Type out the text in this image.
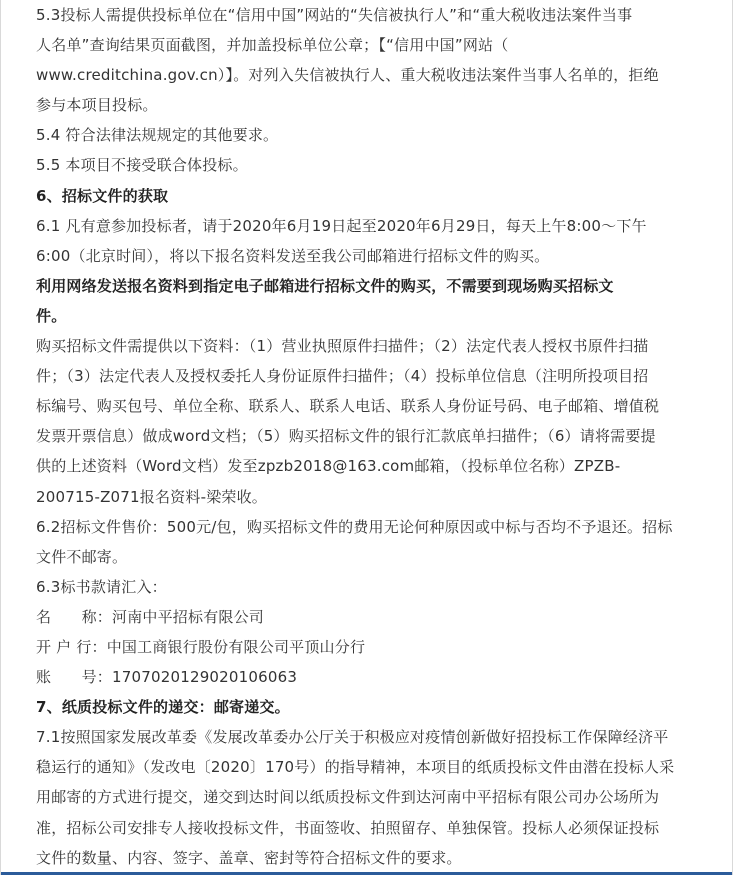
5.3投标人需提供投标单位在“信用中国”网站的“失信被执行人”和“重大税收违法案件当事
人名单”查询结果页面截图，并加盖投标单位公章；【“信用中国”网站（
www.creditchina.gov.cn）】。对列入失信被执行人、重大税收违法案件当事人名单的，拒绝
参与本项目投标。
5.4 符合法律法规规定的其他要求。
5.5 本项目不接受联合体投标。
6、招标文件的获取
6.1 凡有意参加投标者，请于2020年6月19日起至2020年6月29日，每天上午8:00～下午
6:00（北京时间），将以下报名资料发送至我公司邮箱进行招标文件的购买。
利用网络发送报名资料到指定电子邮箱进行招标文件的购买，不需要到现场购买招标文
件。
购买招标文件需提供以下资料：（1）营业执照原件扫描件；（2）法定代表人授权书原件扫描
件；（3）法定代表人及授权委托人身份证原件扫描件；（4）投标单位信息（注明所投项目招
标编号、购买包号、单位全称、联系人、联系人电话、联系人身份证号码、电子邮箱、增值税
发票开票信息）做成word文档；（5）购买招标文件的银行汇款底单扫描件；（6）请将需要提
供的上述资料（Word文档）发至zpzb2018@163.com邮箱，（投标单位名称）ZPZB-
200715-Z071报名资料-梁荣收。
6.2招标文件售价：500元/包，购买招标文件的费用无论何种原因或中标与否均不予退还。招标
文件不邮寄。
6.3标书款请汇入：
名　　称：河南中平招标有限公司
开 户 行：中国工商银行股份有限公司平顶山分行
账　　号：1707020129020106063
7、纸质投标文件的递交：邮寄递交。
7.1按照国家发展改革委《发展改革委办公厅关于积极应对疫情创新做好招投标工作保障经济平
稳运行的通知》（发改电〔2020〕170号）的指导精神，本项目的纸质投标文件由潜在投标人采
用邮寄的方式进行提交，递交到达时间以纸质投标文件到达河南中平招标有限公司办公场所为
准，招标公司安排专人接收投标文件，书面签收、拍照留存、单独保管。投标人必须保证投标
文件的数量、内容、签字、盖章、密封等符合招标文件的要求。
